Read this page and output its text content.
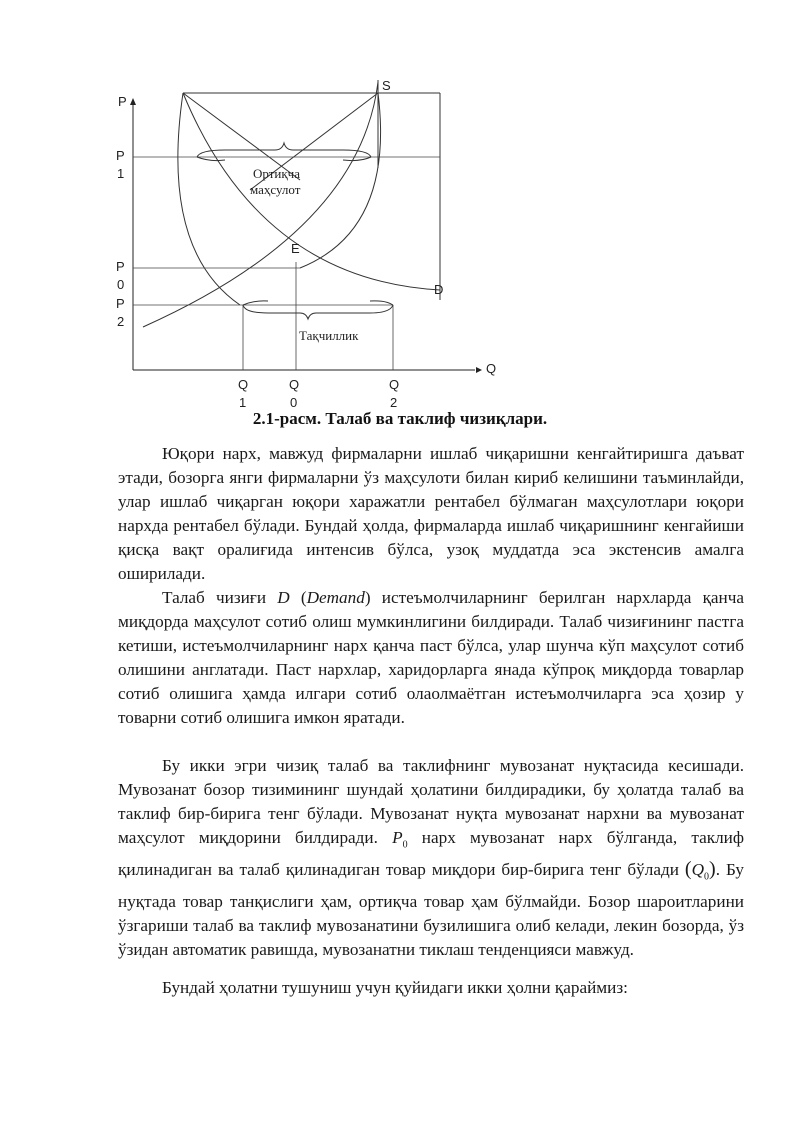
P
Q
S
D
E
P
1
P
0
P
2
Q
1
Q
0
Q
2
Ортиқча
маҳсулот
Тақчиллик
2.1-расм. Талаб ва таклиф чизиқлари.

Юқори нарх, мавжуд фирмаларни ишлаб чиқаришни кенгайтиришга даъват этади, бозорга янги фирмаларни ўз маҳсулоти билан кириб келишини таъминлайди, улар ишлаб чиқарган юқори харажатли рентабел бўлмаган маҳсулотлари юқори нархда рентабел бўлади. Бундай ҳолда, фирмаларда ишлаб чиқаришнинг кенгайиши қисқа вақт оралиғида интенсив бўлса, узоқ муддатда эса экстенсив амалга оширилади.

Талаб чизиғи D (Demand) истеъмолчиларнинг берилган нархларда қанча миқдорда маҳсулот сотиб олиш мумкинлигини билдиради. Талаб чизиғининг пастга кетиши, истеъмолчиларнинг нарх қанча паст бўлса, улар шунча кўп маҳсулот сотиб олишини англатади. Паст нархлар, харидорларга янада кўпроқ миқдорда товарлар сотиб олишига ҳамда илгари сотиб олаолмаётган истеъмолчиларга эса ҳозир у товарни сотиб олишига имкон яратади.

Бу икки эгри чизиқ талаб ва таклифнинг мувозанат нуқтасида кесишади. Мувозанат бозор тизимининг шундай ҳолатини билдирадики, бу ҳолатда талаб ва таклиф бир-бирига тенг бўлади. Мувозанат нуқта мувозанат нархни ва мувозанат маҳсулот миқдорини билдиради. $P_0$ нарх мувозанат нарх бўлганда, таклиф қилинадиган ва талаб қилинадиган товар миқдори бир-бирига тенг бўлади $(Q_0)$. Бу нуқтада товар танқислиги ҳам, ортиқча товар ҳам бўлмайди. Бозор шароитларини ўзгариши талаб ва таклиф мувозанатини бузилишига олиб келади, лекин бозорда, ўз ўзидан автоматик равишда, мувозанатни тиклаш тенденцияси мавжуд.

Бундай ҳолатни тушуниш учун қуйидаги икки ҳолни қараймиз:
